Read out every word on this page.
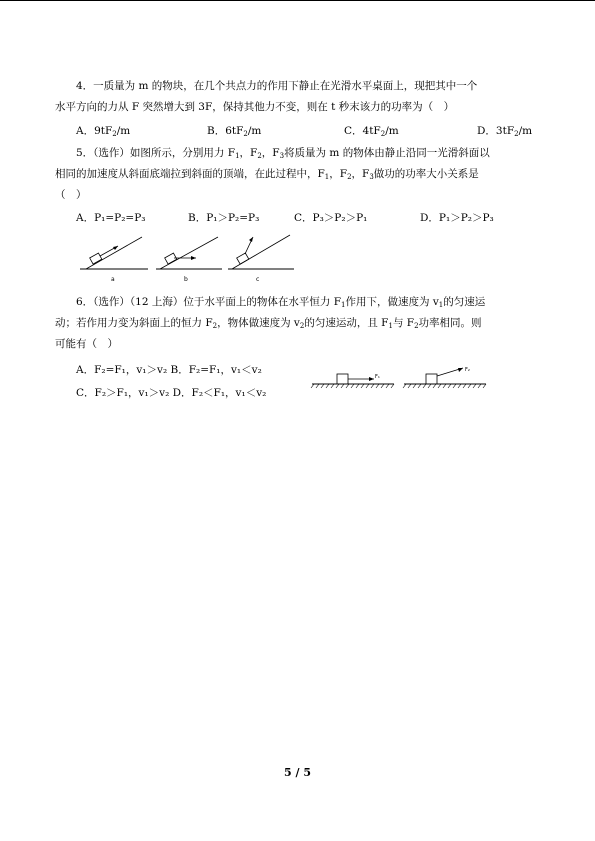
4．一质量为 m 的物块，在几个共点力的作用下静止在光滑水平桌面上，现把其中一个

水平方向的力从 F 突然增大到 3F，保持其他力不变，则在 t 秒末该力的功率为（　）

A．$9tF_2/m$	B．$6tF_2/m$	C．$4tF_2/m$	D．$3tF_2/m$

5．（选作）如图所示，分别用力 $F_1$，$F_2$，$F_3$将质量为 m 的物体由静止沿同一光滑斜面以

相同的加速度从斜面底端拉到斜面的顶端，在此过程中，$F_1$，$F_2$，$F_3$做功的功率大小关系是

（　）

A．P₁=P₂=P₃	B．P₁＞P₂=P₃	C．P₃＞P₂＞P₁	D．P₁＞P₂＞P₃
a	b	c

6．（选作）（12 上海）位于水平面上的物体在水平恒力 $F_1$作用下，做速度为 $v_1$的匀速运

动；若作用力变为斜面上的恒力 $F_2$，物体做速度为 $v_2$的匀速运动，且 $F_1$与 $F_2$功率相同。则

可能有（　）

A．F₂=F₁，v₁＞v₂ B．F₂=F₁，v₁＜v₂
C．F₂＞F₁，v₁＞v₂ D．F₂＜F₁，v₁＜v₂
F₁
F₂
5 / 5
